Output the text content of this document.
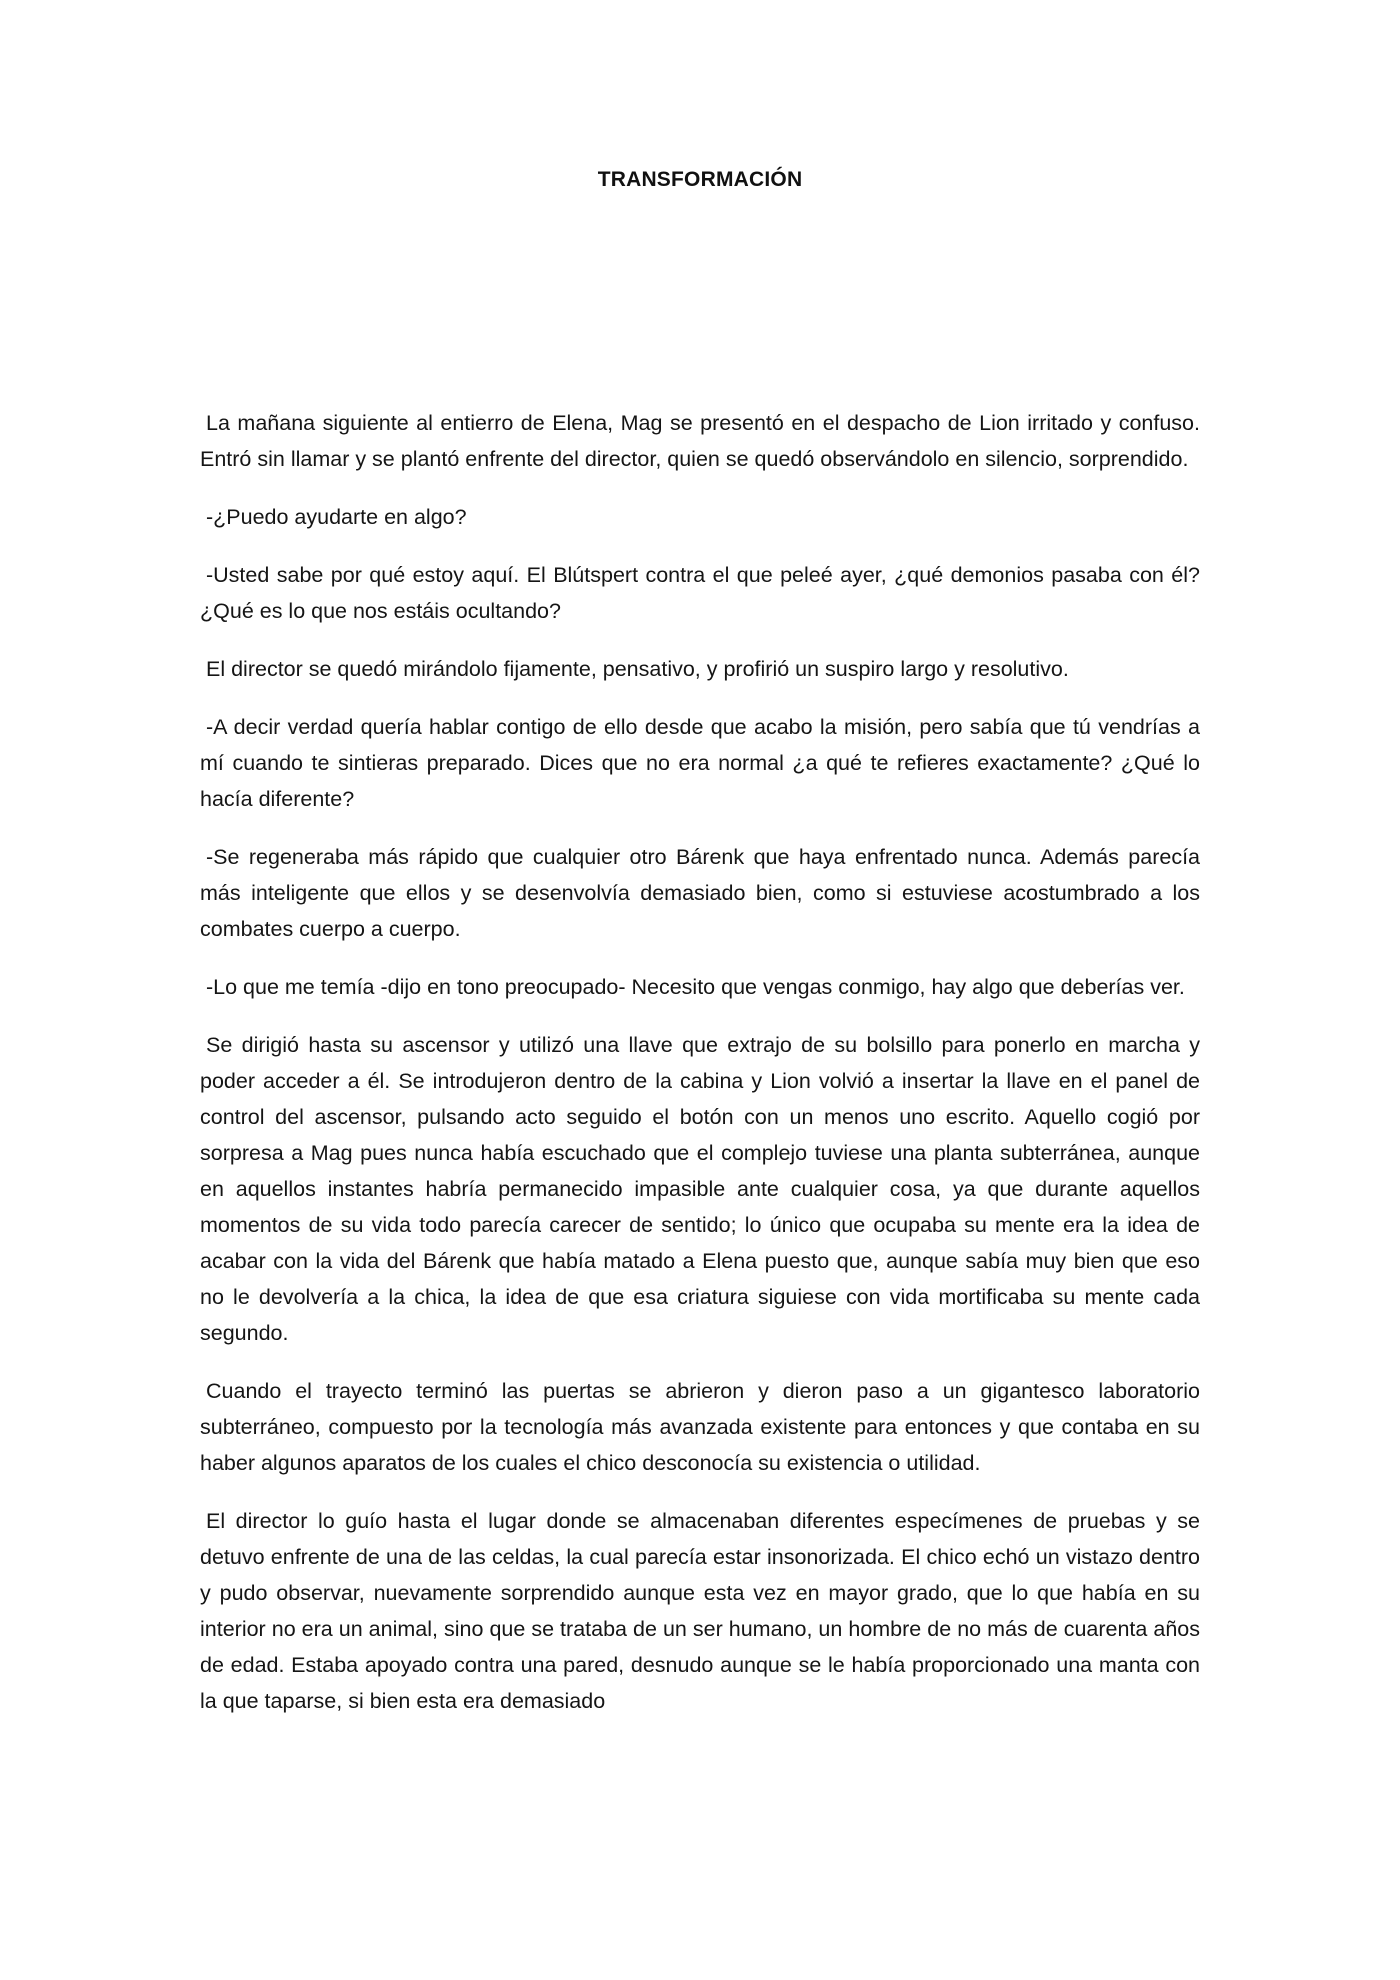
TRANSFORMACIÓN

La mañana siguiente al entierro de Elena, Mag se presentó en el despacho de Lion irritado y confuso. Entró sin llamar y se plantó enfrente del director, quien se quedó observándolo en silencio, sorprendido.

-¿Puedo ayudarte en algo?

-Usted sabe por qué estoy aquí. El Blútspert contra el que peleé ayer, ¿qué demonios pasaba con él? ¿Qué es lo que nos estáis ocultando?

El director se quedó mirándolo fijamente, pensativo, y profirió un suspiro largo y resolutivo.

-A decir verdad quería hablar contigo de ello desde que acabo la misión, pero sabía que tú vendrías a mí cuando te sintieras preparado. Dices que no era normal ¿a qué te refieres exactamente? ¿Qué lo hacía diferente?

-Se regeneraba más rápido que cualquier otro Bárenk que haya enfrentado nunca. Además parecía más inteligente que ellos y se desenvolvía demasiado bien, como si estuviese acostumbrado a los combates cuerpo a cuerpo.

-Lo que me temía -dijo en tono preocupado- Necesito que vengas conmigo, hay algo que deberías ver.

Se dirigió hasta su ascensor y utilizó una llave que extrajo de su bolsillo para ponerlo en marcha y poder acceder a él. Se introdujeron dentro de la cabina y Lion volvió a insertar la llave en el panel de control del ascensor, pulsando acto seguido el botón con un menos uno escrito. Aquello cogió por sorpresa a Mag pues nunca había escuchado que el complejo tuviese una planta subterránea, aunque en aquellos instantes habría permanecido impasible ante cualquier cosa, ya que durante aquellos momentos de su vida todo parecía carecer de sentido; lo único que ocupaba su mente era la idea de acabar con la vida del Bárenk que había matado a Elena puesto que, aunque sabía muy bien que eso no le devolvería a la chica, la idea de que esa criatura siguiese con vida mortificaba su mente cada segundo.

Cuando el trayecto terminó las puertas se abrieron y dieron paso a un gigantesco laboratorio subterráneo, compuesto por la tecnología más avanzada existente para entonces y que contaba en su haber algunos aparatos de los cuales el chico desconocía su existencia o utilidad.

El director lo guío hasta el lugar donde se almacenaban diferentes especímenes de pruebas y se detuvo enfrente de una de las celdas, la cual parecía estar insonorizada. El chico echó un vistazo dentro y pudo observar, nuevamente sorprendido aunque esta vez en mayor grado, que lo que había en su interior no era un animal, sino que se trataba de un ser humano, un hombre de no más de cuarenta años de edad. Estaba apoyado contra una pared, desnudo aunque se le había proporcionado una manta con la que taparse, si bien esta era demasiado
